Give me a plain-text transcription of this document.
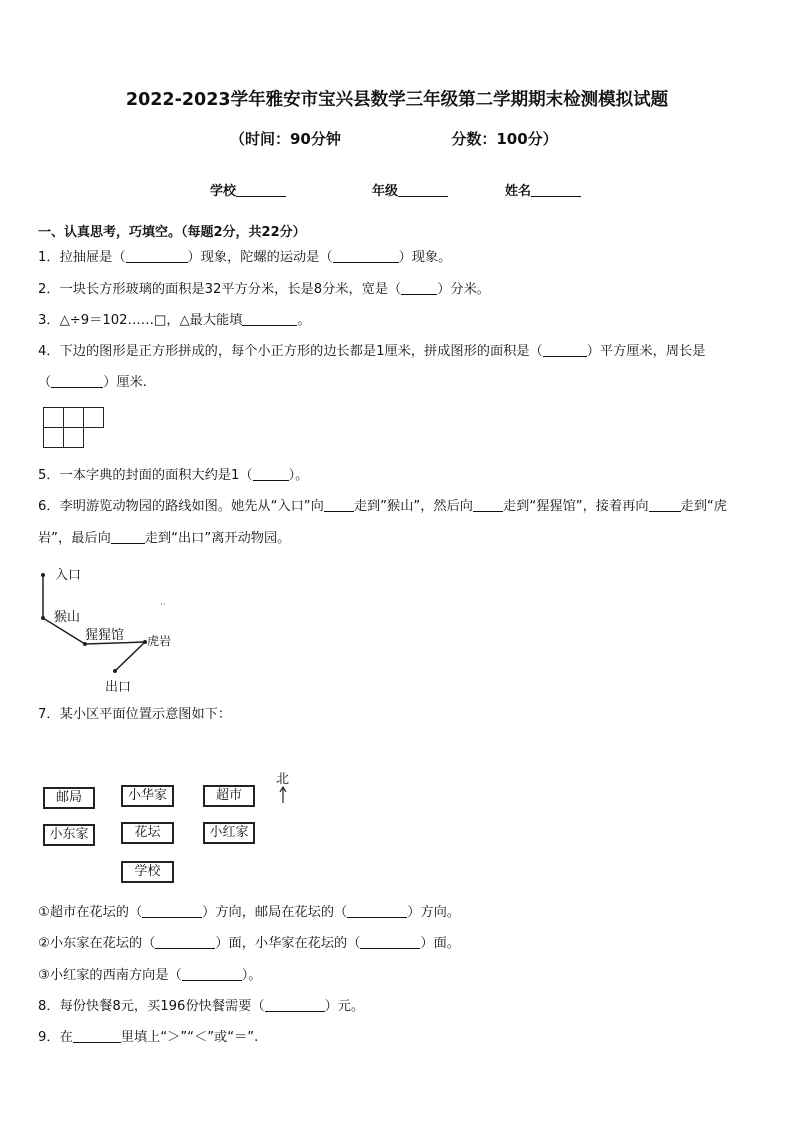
2022-2023学年雅安市宝兴县数学三年级第二学期期末检测模拟试题
（时间：90分钟	分数：100分）
学校	年级	姓名
一、认真思考，巧填空。（每题2分，共22分）
1．拉抽屉是（	）现象，陀螺的运动是（	）现象。
2．一块长方形玻璃的面积是32平方分米，长是8分米，宽是（	）分米。
3．△÷9＝102……□，△最大能填	。
4．下边的图形是正方形拼成的，每个小正方形的边长都是1厘米，拼成图形的面积是（	）平方厘米，周长是
（	）厘米.
5．一本字典的封面的面积大约是1（	）。
6．李明游览动物园的路线如图。她先从“入口”向 走到”猴山”，然后向 走到“猩猩馆”，接着再向 走到“虎
岩”，最后向	走到“出口”离开动物园。
入口
猴山
猩猩馆 虎岩
出口
··
7．某小区平面位置示意图如下：
北
邮局	小华家	超市
小东家	花坛	小红家
学校
①超市在花坛的（	）方向，邮局在花坛的（	）方向。
②小东家在花坛的（	）面，小华家在花坛的（	）面。
③小红家的西南方向是（	）。
8．每份快餐8元，买196份快餐需要（	）元。
9．在	里填上“＞”“＜”或“＝”.
